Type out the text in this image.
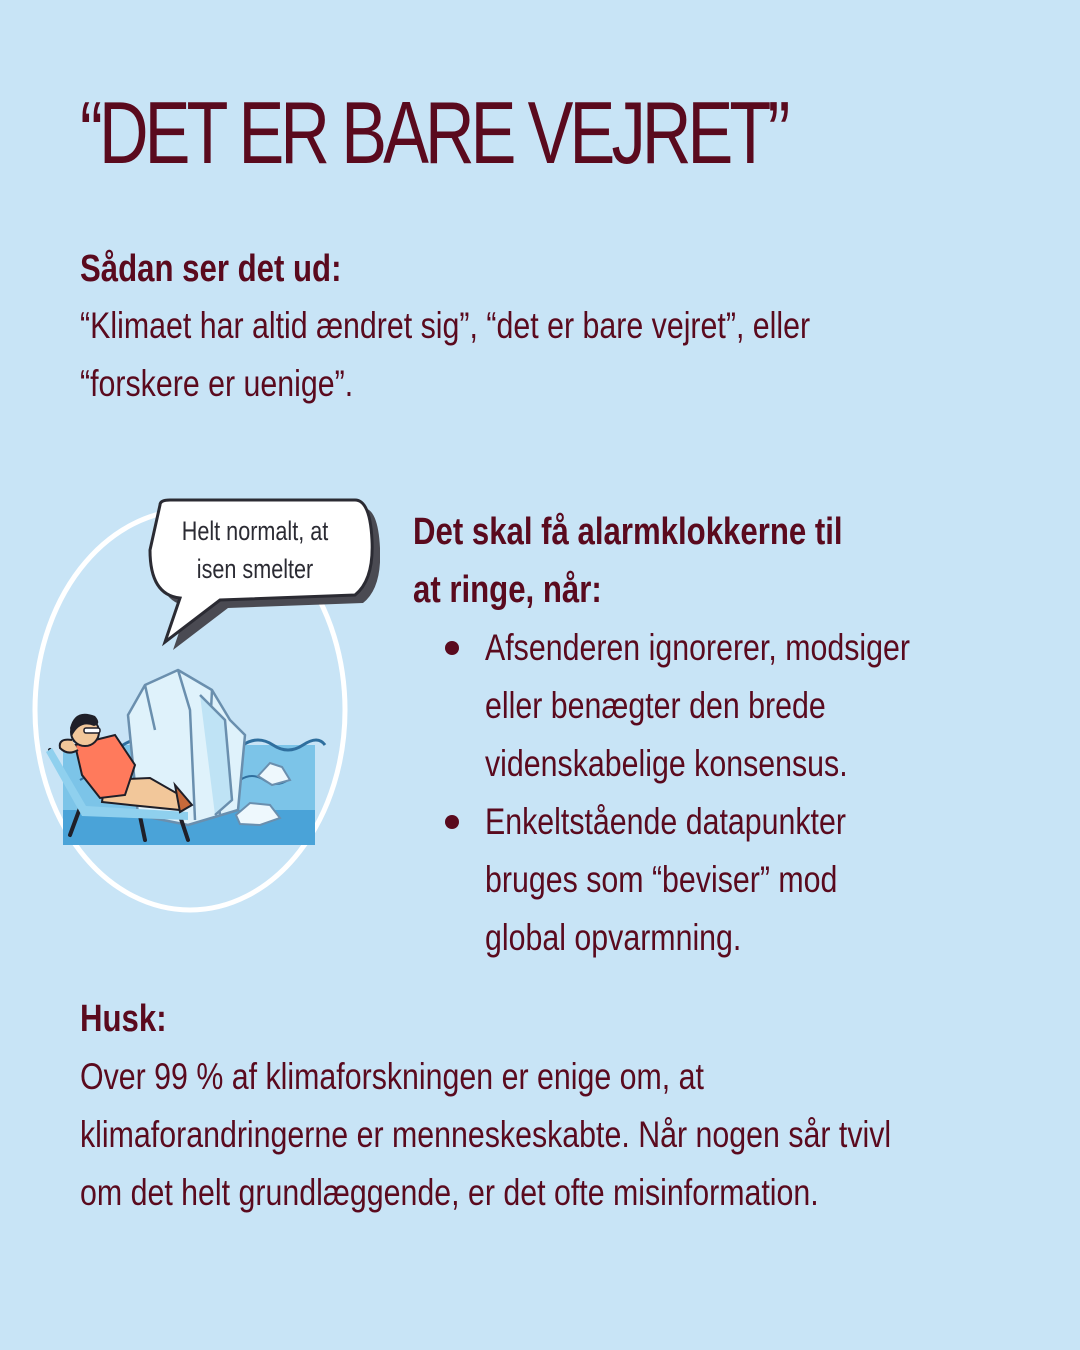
“DET ER BARE VEJRET”

Sådan ser det ud:

“Klimaet har altid ændret sig”, “det er bare vejret”, eller

“forskere er uenige”.

Helt normalt, at
isen smelter

Det skal få alarmklokkerne til

at ringe, når:

Afsenderen ignorerer, modsiger
eller benægter den brede
videnskabelige konsensus.
Enkeltstående datapunkter
bruges som “beviser” mod
global opvarmning.

Husk:

Over 99 % af klimaforskningen er enige om, at

klimaforandringerne er menneskeskabte. Når nogen sår tvivl

om det helt grundlæggende, er det ofte misinformation.
